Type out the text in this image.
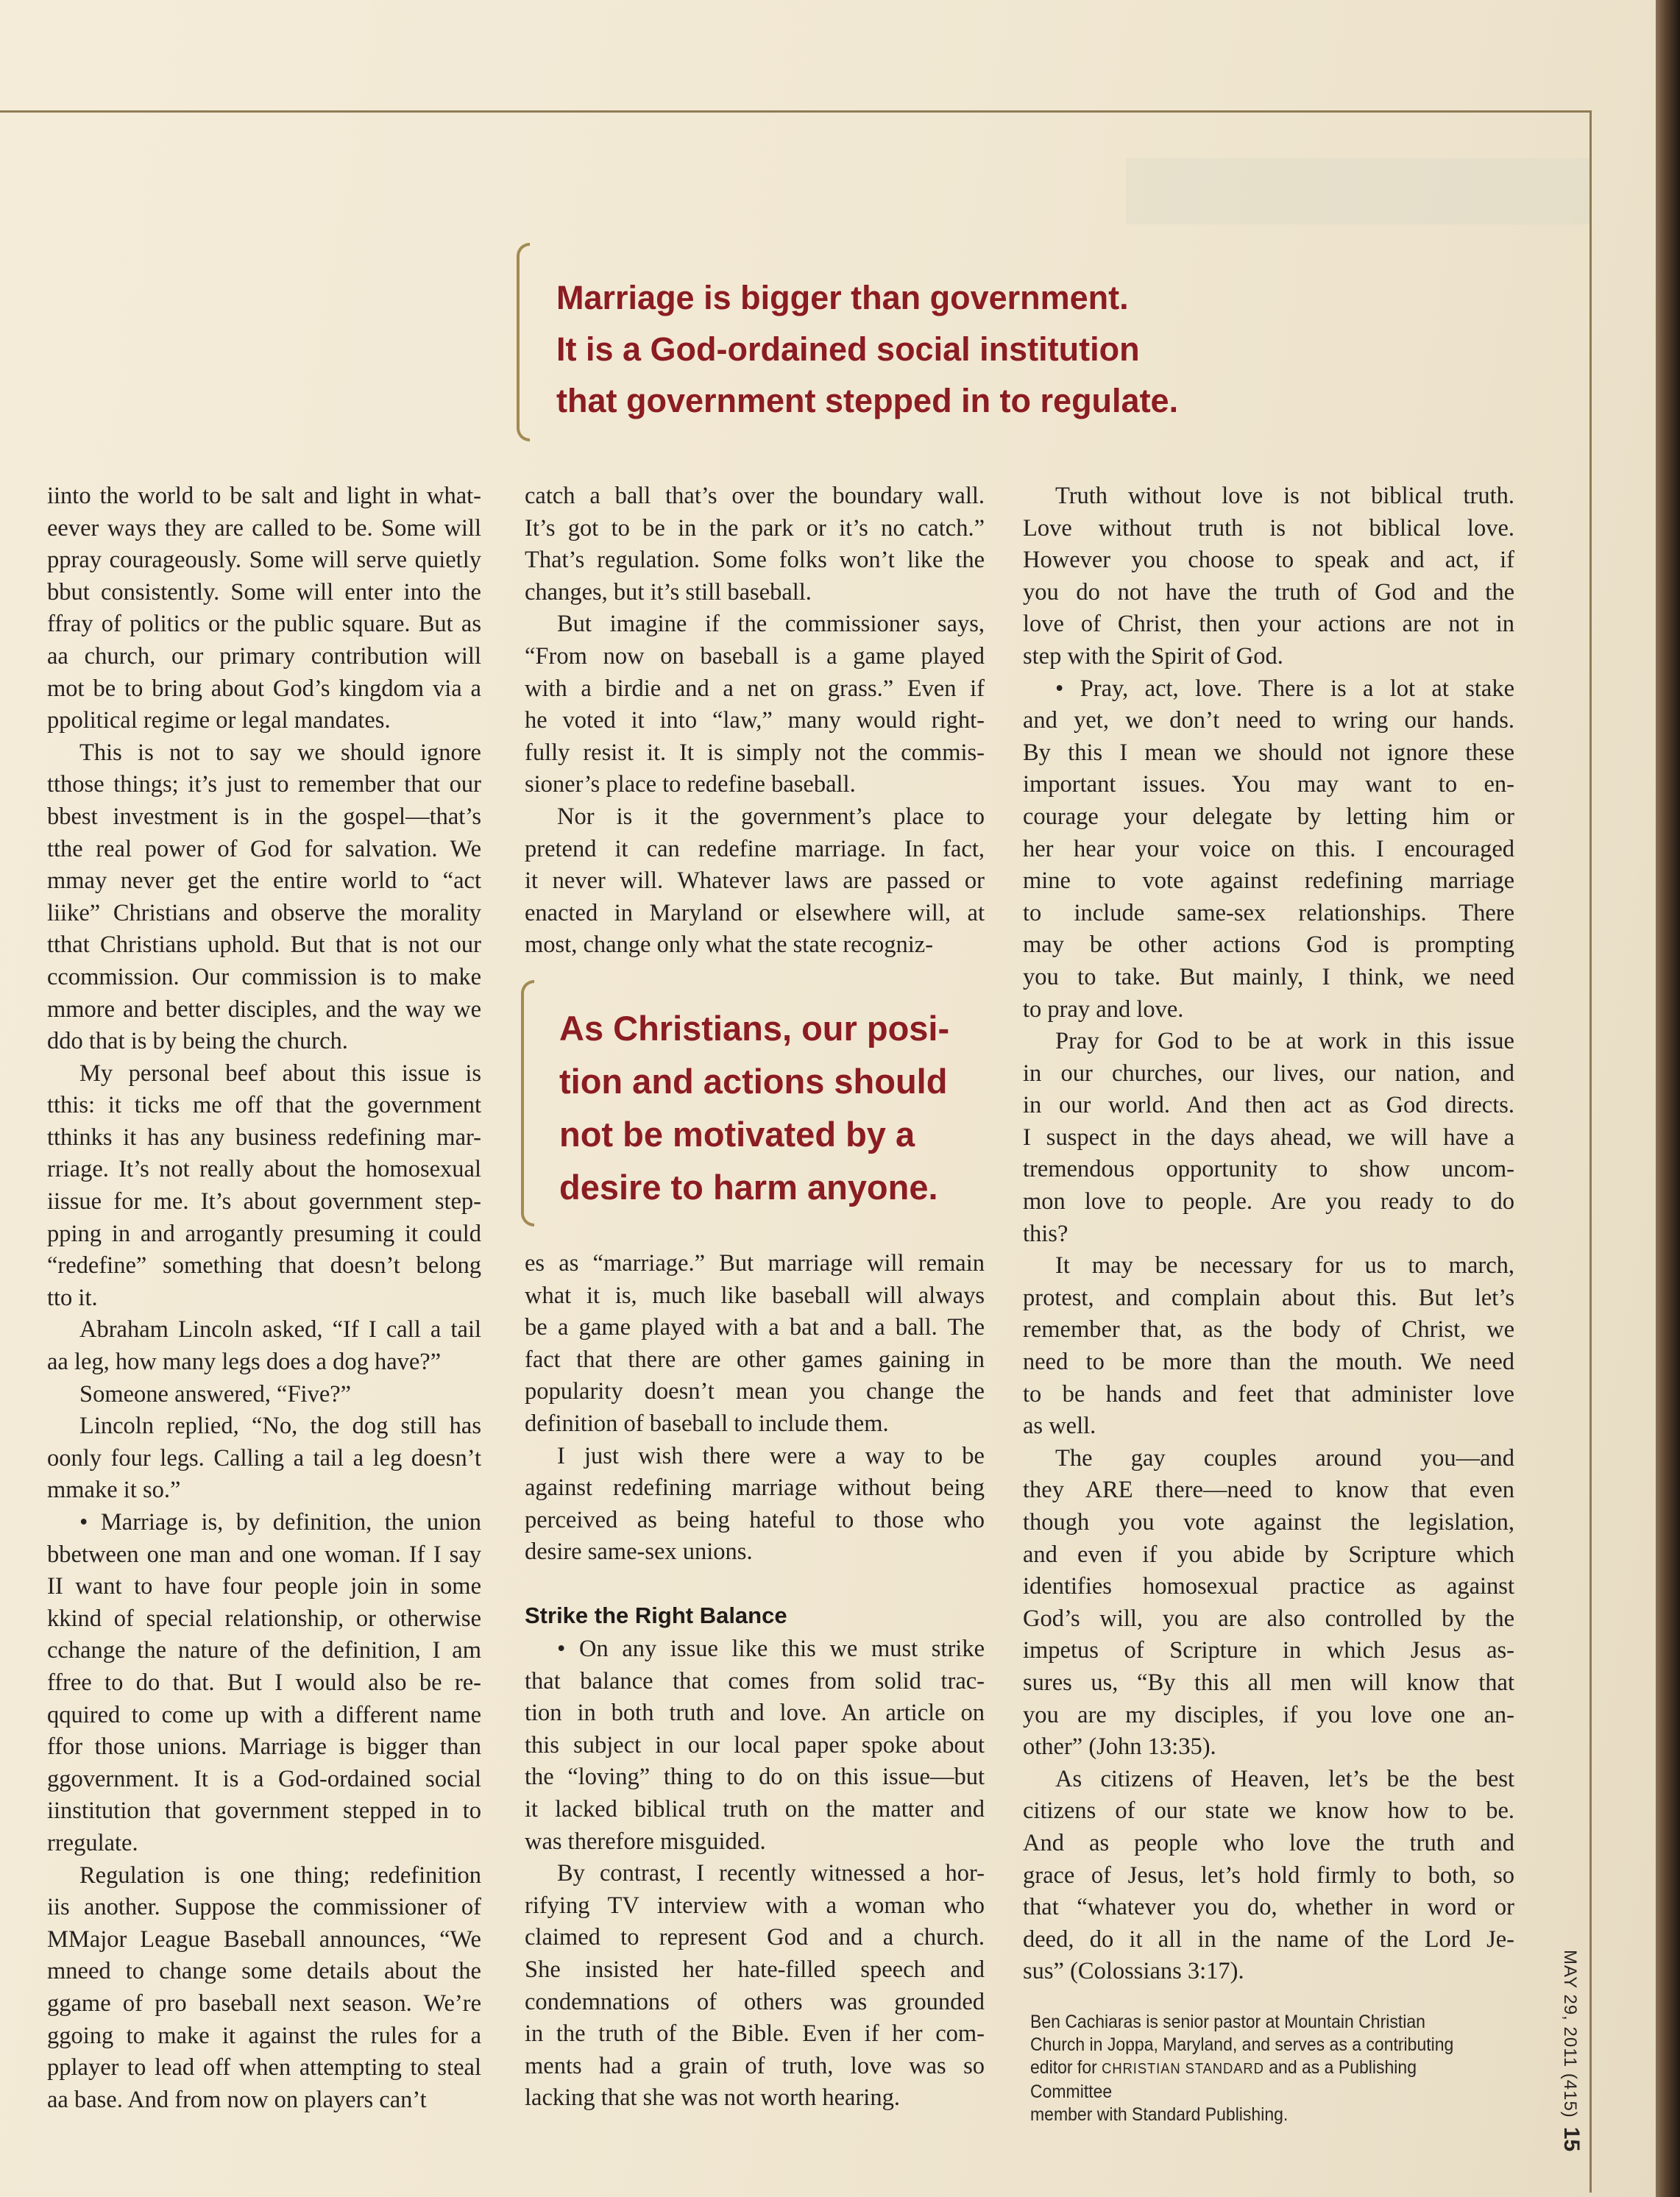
Marriage is bigger than government.
It is a God-ordained social institution
that government stepped in to regulate.
As Christians, our posi-
tion and actions should
not be motivated by a
desire to harm anyone.
iinto the world to be salt and light in what-
eever ways they are called to be. Some will
ppray courageously. Some will serve quietly
bbut consistently. Some will enter into the
ffray of politics or the public square. But as
aa church, our primary contribution will
mot be to bring about God’s kingdom via a
ppolitical regime or legal mandates.
This is not to say we should ignore
tthose things; it’s just to remember that our
bbest investment is in the gospel—that’s
tthe real power of God for salvation. We
mmay never get the entire world to “act
liike” Christians and observe the morality
tthat Christians uphold. But that is not our
ccommission. Our commission is to make
mmore and better disciples, and the way we
ddo that is by being the church.
My personal beef about this issue is
tthis: it ticks me off that the government
tthinks it has any business redefining mar-
rriage. It’s not really about the homosexual
iissue for me. It’s about government step-
pping in and arrogantly presuming it could
“redefine” something that doesn’t belong
tto it.
Abraham Lincoln asked, “If I call a tail
aa leg, how many legs does a dog have?”
Someone answered, “Five?”
Lincoln replied, “No, the dog still has
oonly four legs. Calling a tail a leg doesn’t
mmake it so.”
• Marriage is, by definition, the union
bbetween one man and one woman. If I say
II want to have four people join in some
kkind of special relationship, or otherwise
cchange the nature of the definition, I am
ffree to do that. But I would also be re-
qquired to come up with a different name
ffor those unions. Marriage is bigger than
ggovernment. It is a God-ordained social
iinstitution that government stepped in to
rregulate.
Regulation is one thing; redefinition
iis another. Suppose the commissioner of
MMajor League Baseball announces, “We
mneed to change some details about the
ggame of pro baseball next season. We’re
ggoing to make it against the rules for a
pplayer to lead off when attempting to steal
aa base. And from now on players can’t
catch a ball that’s over the boundary wall.
It’s got to be in the park or it’s no catch.”
That’s regulation. Some folks won’t like the
changes, but it’s still baseball.
But imagine if the commissioner says,
“From now on baseball is a game played
with a birdie and a net on grass.” Even if
he voted it into “law,” many would right-
fully resist it. It is simply not the commis-
sioner’s place to redefine baseball.
Nor is it the government’s place to
pretend it can redefine marriage. In fact,
it never will. Whatever laws are passed or
enacted in Maryland or elsewhere will, at
most, change only what the state recogniz-
es as “marriage.” But marriage will remain
what it is, much like baseball will always
be a game played with a bat and a ball. The
fact that there are other games gaining in
popularity doesn’t mean you change the
definition of baseball to include them.
I just wish there were a way to be
against redefining marriage without being
perceived as being hateful to those who
desire same-sex unions.
Strike the Right Balance
• On any issue like this we must strike
that balance that comes from solid trac-
tion in both truth and love. An article on
this subject in our local paper spoke about
the “loving” thing to do on this issue—but
it lacked biblical truth on the matter and
was therefore misguided.
By contrast, I recently witnessed a hor-
rifying TV interview with a woman who
claimed to represent God and a church.
She insisted her hate-filled speech and
condemnations of others was grounded
in the truth of the Bible. Even if her com-
ments had a grain of truth, love was so
lacking that she was not worth hearing.
Truth without love is not biblical truth.
Love without truth is not biblical love.
However you choose to speak and act, if
you do not have the truth of God and the
love of Christ, then your actions are not in
step with the Spirit of God.
• Pray, act, love. There is a lot at stake
and yet, we don’t need to wring our hands.
By this I mean we should not ignore these
important issues. You may want to en-
courage your delegate by letting him or
her hear your voice on this. I encouraged
mine to vote against redefining marriage
to include same-sex relationships. There
may be other actions God is prompting
you to take. But mainly, I think, we need
to pray and love.
Pray for God to be at work in this issue
in our churches, our lives, our nation, and
in our world. And then act as God directs.
I suspect in the days ahead, we will have a
tremendous opportunity to show uncom-
mon love to people. Are you ready to do
this?
It may be necessary for us to march,
protest, and complain about this. But let’s
remember that, as the body of Christ, we
need to be more than the mouth. We need
to be hands and feet that administer love
as well.
The gay couples around you—and
they ARE there—need to know that even
though you vote against the legislation,
and even if you abide by Scripture which
identifies homosexual practice as against
God’s will, you are also controlled by the
impetus of Scripture in which Jesus as-
sures us, “By this all men will know that
you are my disciples, if you love one an-
other” (John 13:35).
As citizens of Heaven, let’s be the best
citizens of our state we know how to be.
And as people who love the truth and
grace of Jesus, let’s hold firmly to both, so
that “whatever you do, whether in word or
deed, do it all in the name of the Lord Je-
sus” (Colossians 3:17).
Ben Cachiaras is senior pastor at Mountain Christian
Church in Joppa, Maryland, and serves as a contributing
editor for CHRISTIAN STANDARD and as a Publishing Committee
member with Standard Publishing.	MAY 29, 2011 (415)15
